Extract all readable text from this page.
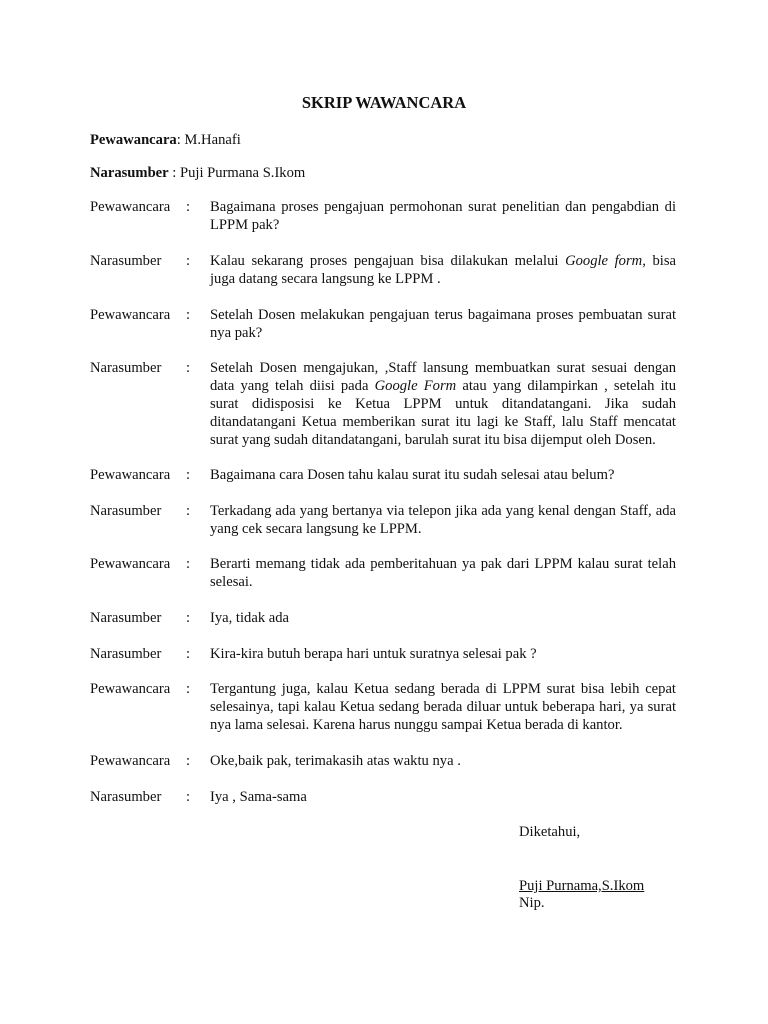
SKRIP WAWANCARA
Pewawancara: M.Hanafi
Narasumber : Puji Purmana S.Ikom
Pewawancara	:	Bagaimana proses pengajuan permohonan surat penelitian dan pengabdian di LPPM pak?
Narasumber	:	Kalau sekarang proses pengajuan bisa dilakukan melalui Google form, bisa juga datang secara langsung ke LPPM .
Pewawancara	:	Setelah Dosen melakukan pengajuan terus bagaimana proses pembuatan surat nya pak?
Narasumber	:	Setelah Dosen mengajukan, ,Staff lansung membuatkan surat sesuai dengan data yang telah diisi pada Google Form atau yang dilampirkan , setelah itu surat didisposisi ke Ketua LPPM untuk ditandatangani. Jika sudah ditandatangani Ketua memberikan surat itu lagi ke Staff, lalu Staff mencatat surat yang sudah ditandatangani, barulah surat itu bisa dijemput oleh Dosen.
Pewawancara	:	Bagaimana cara Dosen tahu kalau surat itu sudah selesai atau belum?
Narasumber	:	Terkadang ada yang bertanya via telepon jika ada yang kenal dengan Staff, ada yang cek secara langsung ke LPPM.
Pewawancara	:	Berarti memang tidak ada pemberitahuan ya pak dari LPPM kalau surat telah selesai.
Narasumber	:	Iya, tidak ada
Narasumber	:	Kira-kira butuh berapa hari untuk suratnya selesai pak ?
Pewawancara	:	Tergantung juga, kalau Ketua sedang berada di LPPM surat bisa lebih cepat selesainya, tapi kalau Ketua sedang berada diluar untuk beberapa hari, ya surat nya lama selesai. Karena harus nunggu sampai Ketua berada di kantor.
Pewawancara	:	Oke,baik pak, terimakasih atas waktu nya .
Narasumber	:	Iya , Sama-sama
Diketahui,
Puji Purnama,S.Ikom
Nip.
